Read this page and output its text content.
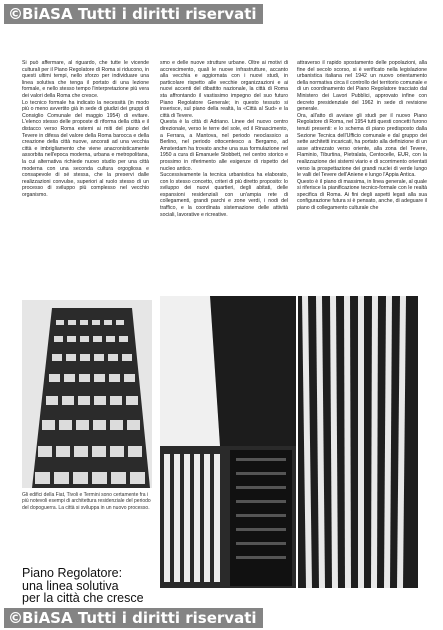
©BiASA Tutti i diritti riservati

Si può affermare, al riguardo, che tutte le vicende culturali per il Piano Regolatore di Roma si riducono, in questi ultimi tempi, nello sforzo per individuare una linea solutiva che tenga il portato di una lezione formale, e nello stesso tempo l'interpretazione più vera dei valori della Roma che cresce.

Lo tecnico formale ha indicato la necessità (in modo più o meno avvertito già in sede di giudizi dei gruppi di Consiglio Comunale del maggio 1954) di evitare. L'elenco stesso delle proposte di riforma della città e il distacco verso Roma esterni ai miti del piano del Tevere in difesa del valore della Roma barocca e della creazione della città nuove, ancorati ad una vecchia città e imbrigliamento che viene anacronisticamente assorbita nell'epoca moderna, urbana e metropolitana, la cui alternativa richiede nuovo studio per una città moderna con una seconda cultura orgogliosa e consapevole di sé stessa, che la preservi dalle realizzazioni convulse, superiori al ruolo stesso di un processo di sviluppo più complesso nel vecchio organismo.

smo e delle nuove strutture urbane. Oltre ai motivi di accrescimento, quali le nuove infrastrutture, accanto alla vecchia e aggiornata con i nuovi studi, in particolare rispetto alle vecchie organizzazioni e ai nuovi accenti del dibattito nazionale, la città di Roma sta affrontando il vastissimo impegno del suo futuro Piano Regolatore Generale; in questo tessuto si inserisce, sul piano della realtà, la «Città al Sud» e la città di Tevere.

Questa è la città di Adriano. Linee del nuovo centro direzionale, verso le terre del sole, ed il Rinascimento, a Ferrara, a Mantova, nel periodo neoclassico a Berlino, nel periodo ottocentesco a Bergamo, ad Amsterdam ha trovato anche una sua formulazione nel 1950 a cura di Emanuele Stobbett, nel centro storico e prossimo in riferimento alle esigenze di rispetto del nucleo antico.

Successivamente la tecnica urbanistica ha elaborato, con lo stesso concetto, criteri di più diretto proposito: lo sviluppo dei nuovi quartieri, degli abitati, delle espansioni residenziali con un'ampia rete di collegamenti, grandi parchi e zone verdi, i nodi del traffico, e la coordinata sistemazione delle attività sociali, lavorative e ricreative.

attraverso il rapido spostamento delle popolazioni, alla fine del secolo scorso, si è verificato nella legislazione urbanistica italiana nel 1942 un nuovo orientamento della normativa circa il controllo del territorio comunale e di un coordinamento del Piano Regolatore tracciato dal Ministero dei Lavori Pubblici, approvato infine con decreto presidenziale del 1962 in sede di revisione generale.

Ora, all'atto di avviare gli studi per il nuovo Piano Regolatore di Roma, nel 1954 tutti questi concetti furono tenuti presenti: e lo schema di piano predisposto dalla Sezione Tecnica dell'Ufficio comunale e dal gruppo dei sette architetti incaricati, ha portato alla definizione di un asse attrezzato verso oriente, alla zona del Tevere, Flaminio, Tiburtina, Pietralata, Centocelle, EUR, con la realizzazione dei sistemi viario e di scorrimento orientati verso la prospettazione dei grandi nuclei di verde lungo le valli del Tevere dell'Aniene e lungo l'Appia Antica.

Questo è il piano di massima, in linea generale, al quale si riferisce la pianificazione tecnico-formale con le realtà specifica di Roma. Ai fini degli aspetti legati alla sua configurazione futura si è pensato, anche, di adeguare il piano di collegamento culturale che

Gli edifici della Fiat, Tivoli e Termini sono certamente fra i più notevoli esempi di architettura residenziale del periodo del dopoguerra. La città si sviluppa in un nuovo processo.
Piano Regolatore:
una linea solutiva
per la città che cresce
©BiASA Tutti i diritti riservati
